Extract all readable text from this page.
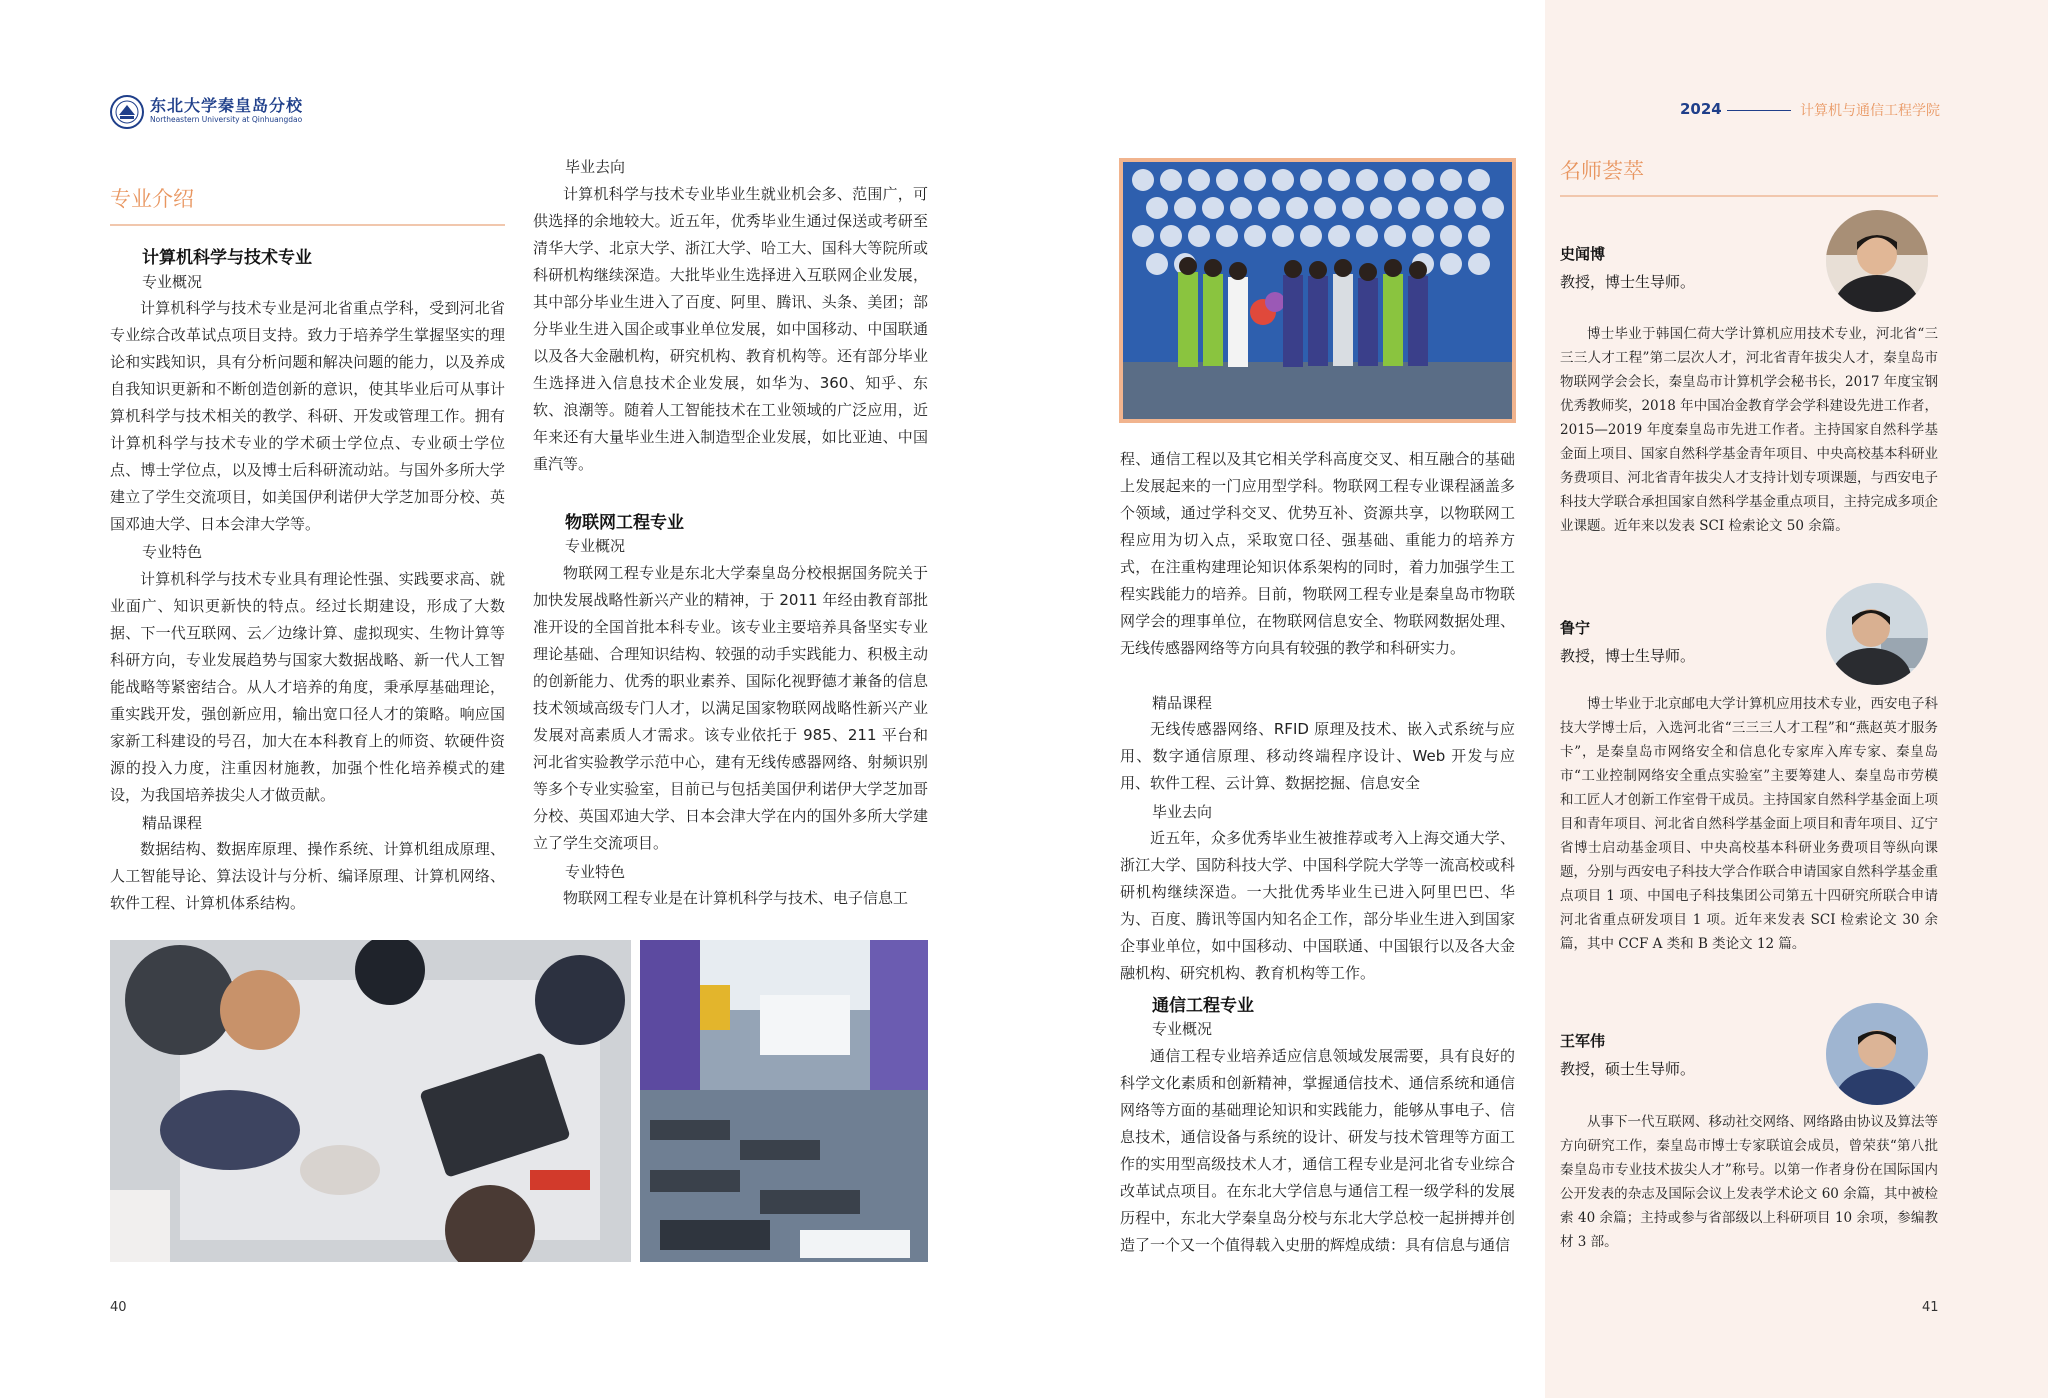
东北大学秦皇岛分校
Northeastern University at Qinhuangdao
2024	计算机与通信工程学院
专业介绍
计算机科学与技术专业
专业概况

计算机科学与技术专业是河北省重点学科，受到河北省专业综合改革试点项目支持。致力于培养学生掌握坚实的理论和实践知识，具有分析问题和解决问题的能力，以及养成自我知识更新和不断创造创新的意识，使其毕业后可从事计算机科学与技术相关的教学、科研、开发或管理工作。拥有计算机科学与技术专业的学术硕士学位点、专业硕士学位点、博士学位点，以及博士后科研流动站。与国外多所大学建立了学生交流项目，如美国伊利诺伊大学芝加哥分校、英国邓迪大学、日本会津大学等。

专业特色

计算机科学与技术专业具有理论性强、实践要求高、就业面广、知识更新快的特点。经过长期建设，形成了大数据、下一代互联网、云／边缘计算、虚拟现实、生物计算等科研方向，专业发展趋势与国家大数据战略、新一代人工智能战略等紧密结合。从人才培养的角度，秉承厚基础理论，重实践开发，强创新应用，输出宽口径人才的策略。响应国家新工科建设的号召，加大在本科教育上的师资、软硬件资源的投入力度，注重因材施教，加强个性化培养模式的建设，为我国培养拔尖人才做贡献。

精品课程

数据结构、数据库原理、操作系统、计算机组成原理、人工智能导论、算法设计与分析、编译原理、计算机网络、软件工程、计算机体系结构。

毕业去向

计算机科学与技术专业毕业生就业机会多、范围广，可供选择的余地较大。近五年，优秀毕业生通过保送或考研至清华大学、北京大学、浙江大学、哈工大、国科大等院所或科研机构继续深造。大批毕业生选择进入互联网企业发展，其中部分毕业生进入了百度、阿里、腾讯、头条、美团；部分毕业生进入国企或事业单位发展，如中国移动、中国联通以及各大金融机构，研究机构、教育机构等。还有部分毕业生选择进入信息技术企业发展，如华为、360、知乎、东软、浪潮等。随着人工智能技术在工业领域的广泛应用，近年来还有大量毕业生进入制造型企业发展，如比亚迪、中国重汽等。

物联网工程专业
专业概况

物联网工程专业是东北大学秦皇岛分校根据国务院关于加快发展战略性新兴产业的精神，于 2011 年经由教育部批准开设的全国首批本科专业。该专业主要培养具备坚实专业理论基础、合理知识结构、较强的动手实践能力、积极主动的创新能力、优秀的职业素养、国际化视野德才兼备的信息技术领域高级专门人才，以满足国家物联网战略性新兴产业发展对高素质人才需求。该专业依托于 985、211 平台和河北省实验教学示范中心，建有无线传感器网络、射频识别等多个专业实验室，目前已与包括美国伊利诺伊大学芝加哥分校、英国邓迪大学、日本会津大学在内的国外多所大学建立了学生交流项目。

专业特色

物联网工程专业是在计算机科学与技术、电子信息工

40

程、通信工程以及其它相关学科高度交叉、相互融合的基础上发展起来的一门应用型学科。物联网工程专业课程涵盖多个领域，通过学科交叉、优势互补、资源共享，以物联网工程应用为切入点，采取宽口径、强基础、重能力的培养方式，在注重构建理论知识体系架构的同时，着力加强学生工程实践能力的培养。目前，物联网工程专业是秦皇岛市物联网学会的理事单位，在物联网信息安全、物联网数据处理、无线传感器网络等方向具有较强的教学和科研实力。

精品课程

无线传感器网络、RFID 原理及技术、嵌入式系统与应用、数字通信原理、移动终端程序设计、Web 开发与应用、软件工程、云计算、数据挖掘、信息安全

毕业去向

近五年，众多优秀毕业生被推荐或考入上海交通大学、浙江大学、国防科技大学、中国科学院大学等一流高校或科研机构继续深造。一大批优秀毕业生已进入阿里巴巴、华为、百度、腾讯等国内知名企工作，部分毕业生进入到国家企事业单位，如中国移动、中国联通、中国银行以及各大金融机构、研究机构、教育机构等工作。

通信工程专业
专业概况

通信工程专业培养适应信息领域发展需要，具有良好的科学文化素质和创新精神，掌握通信技术、通信系统和通信网络等方面的基础理论知识和实践能力，能够从事电子、信息技术，通信设备与系统的设计、研发与技术管理等方面工作的实用型高级技术人才，通信工程专业是河北省专业综合改革试点项目。在东北大学信息与通信工程一级学科的发展历程中，东北大学秦皇岛分校与东北大学总校一起拼搏并创造了一个又一个值得载入史册的辉煌成绩：具有信息与通信

名师荟萃
史闻博
教授，博士生导师。

博士毕业于韩国仁荷大学计算机应用技术专业，河北省“三三三人才工程”第二层次人才，河北省青年拔尖人才，秦皇岛市物联网学会会长，秦皇岛市计算机学会秘书长，2017 年度宝钢优秀教师奖，2018 年中国冶金教育学会学科建设先进工作者，2015—2019 年度秦皇岛市先进工作者。主持国家自然科学基金面上项目、国家自然科学基金青年项目、中央高校基本科研业务费项目、河北省青年拔尖人才支持计划专项课题，与西安电子科技大学联合承担国家自然科学基金重点项目，主持完成多项企业课题。近年来以发表 SCI 检索论文 50 余篇。

鲁宁
教授，博士生导师。

博士毕业于北京邮电大学计算机应用技术专业，西安电子科技大学博士后，入选河北省“三三三人才工程”和“燕赵英才服务卡”，是秦皇岛市网络安全和信息化专家库入库专家、秦皇岛市“工业控制网络安全重点实验室”主要筹建人、秦皇岛市劳模和工匠人才创新工作室骨干成员。主持国家自然科学基金面上项目和青年项目、河北省自然科学基金面上项目和青年项目、辽宁省博士启动基金项目、中央高校基本科研业务费项目等纵向课题，分别与西安电子科技大学合作联合申请国家自然科学基金重点项目 1 项、中国电子科技集团公司第五十四研究所联合申请河北省重点研发项目 1 项。近年来发表 SCI 检索论文 30 余篇，其中 CCF A 类和 B 类论文 12 篇。

王军伟
教授，硕士生导师。

从事下一代互联网、移动社交网络、网络路由协议及算法等方向研究工作，秦皇岛市博士专家联谊会成员，曾荣获“第八批秦皇岛市专业技术拔尖人才”称号。以第一作者身份在国际国内公开发表的杂志及国际会议上发表学术论文 60 余篇，其中被检索 40 余篇；主持或参与省部级以上科研项目 10 余项，参编教材 3 部。

41
